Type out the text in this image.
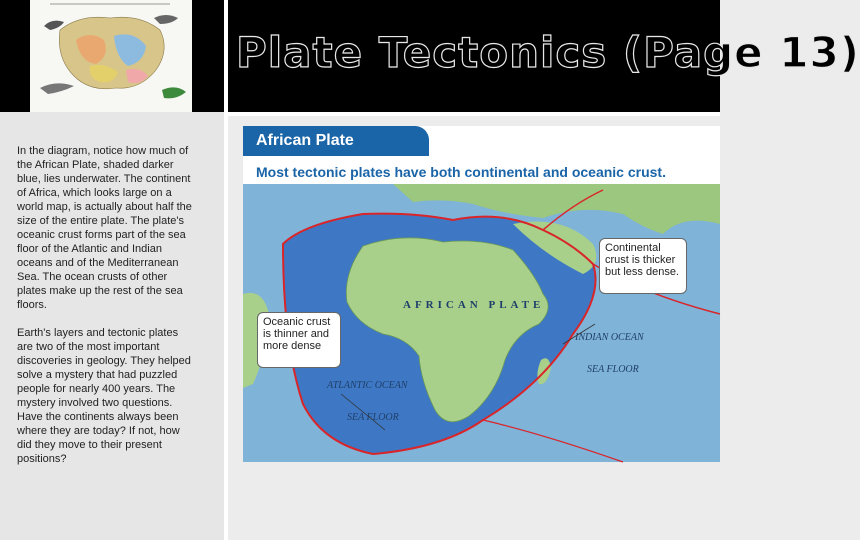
Plate Tectonics (Page 13)
In the diagram, notice how much of the African Plate, shaded darker blue, lies underwater. The continent of Africa, which looks large on a world map, is actually about half the size of the entire plate. The plate's oceanic crust forms part of the sea floor of the Atlantic and Indian oceans and of the Mediterranean Sea. The ocean crusts of other plates make up the rest of the sea floors.
Earth's layers and tectonic plates are two of the most important discoveries in geology. They helped solve a mystery that had puzzled people for nearly 400 years. The mystery involved two questions. Have the continents always been where they are today? If not, how did they move to their present positions?
African Plate
Most tectonic plates have both continental and oceanic crust.
AFRICAN PLATE
INDIAN OCEAN
SEA FLOOR
ATLANTIC OCEAN
SEA FLOOR
Continental crust is thicker but less dense.
Oceanic crust is thinner and more dense
